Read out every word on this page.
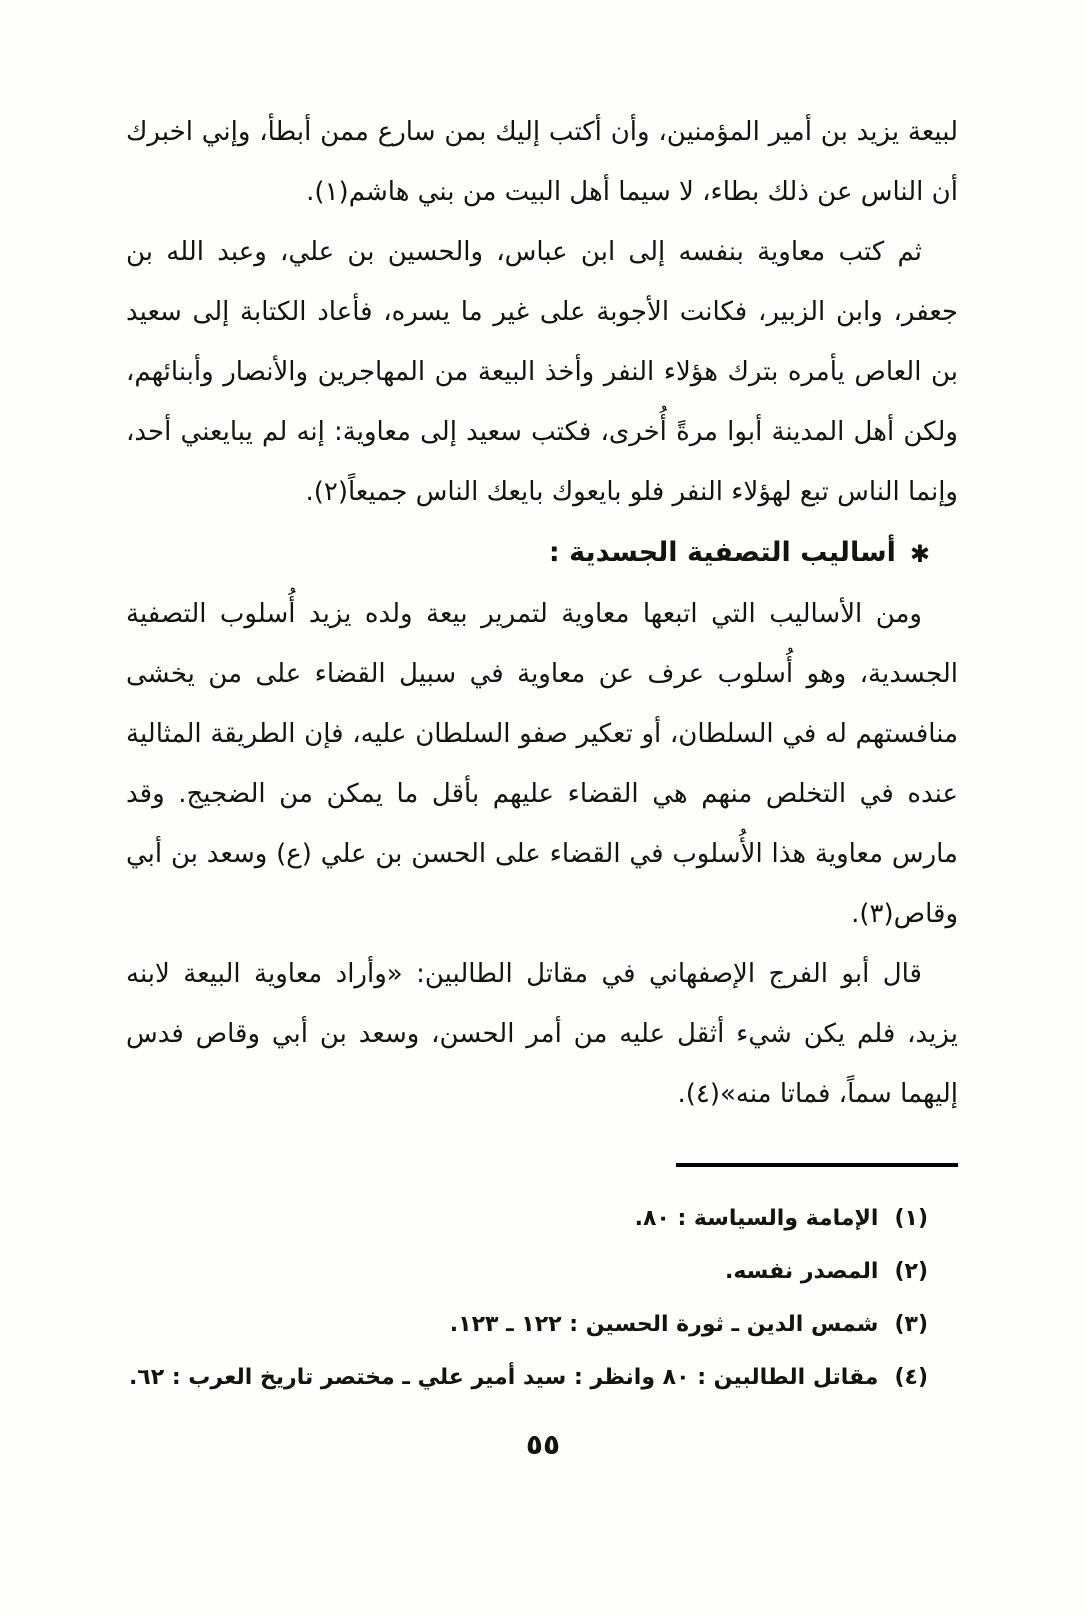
لبيعة يزيد بن أمير المؤمنين، وأن أكتب إليك بمن سارع ممن أبطأ، وإني اخبرك أن الناس عن ذلك بطاء، لا سيما أهل البيت من بني هاشم(١).

ثم كتب معاوية بنفسه إلى ابن عباس، والحسين بن علي، وعبد الله بن جعفر، وابن الزبير، فكانت الأجوبة على غير ما يسره، فأعاد الكتابة إلى سعيد بن العاص يأمره بترك هؤلاء النفر وأخذ البيعة من المهاجرين والأنصار وأبنائهم، ولكن أهل المدينة أبوا مرةً أُخرى، فكتب سعيد إلى معاوية: إنه لم يبايعني أحد، وإنما الناس تبع لهؤلاء النفر فلو بايعوك بايعك الناس جميعاً(٢).

✱
أساليب التصفية الجسدية :

ومن الأساليب التي اتبعها معاوية لتمرير بيعة ولده يزيد أُسلوب التصفية الجسدية، وهو أُسلوب عرف عن معاوية في سبيل القضاء على من يخشى منافستهم له في السلطان، أو تعكير صفو السلطان عليه، فإن الطريقة المثالية عنده في التخلص منهم هي القضاء عليهم بأقل ما يمكن من الضجيج. وقد مارس معاوية هذا الأُسلوب في القضاء على الحسن بن علي (ع) وسعد بن أبي وقاص(٣).

قال أبو الفرج الإصفهاني في مقاتل الطالبين: «وأراد معاوية البيعة لابنه يزيد، فلم يكن شيء أثقل عليه من أمر الحسن، وسعد بن أبي وقاص فدس إليهما سماً، فماتا منه»(٤).

(١)
الإمامة والسياسة : ٨٠.
(٢)
المصدر نفسه.
(٣)
شمس الدين ـ ثورة الحسين : ١٢٢ ـ ١٢٣.
(٤)
مقاتل الطالبين : ٨٠ وانظر : سيد أمير علي ـ مختصر تاريخ العرب : ٦٢.
٥٥
